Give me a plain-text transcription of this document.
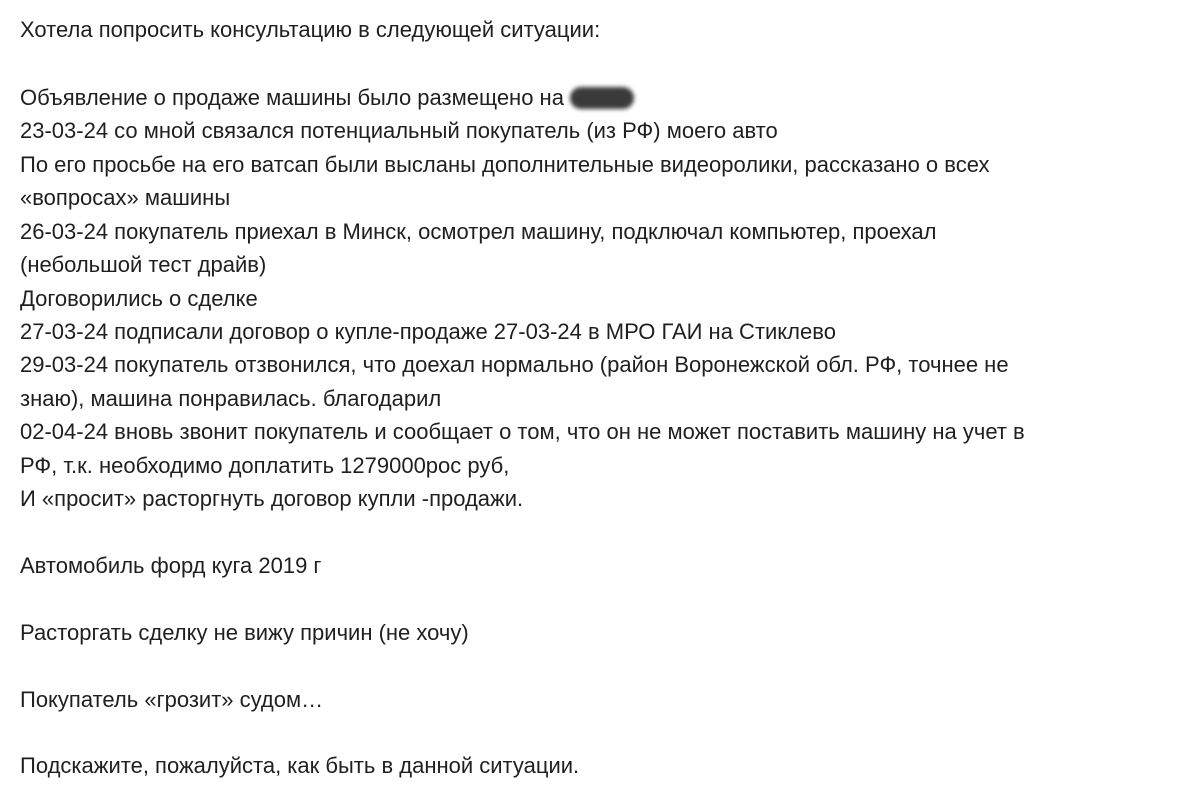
Хотела попросить консультацию в следующей ситуации:
Объявление о продаже машины было размещено на
23-03-24 со мной связался потенциальный покупатель (из РФ) моего авто
По его просьбе на его ватсап были высланы дополнительные видеоролики, рассказано о всех
«вопросах» машины
26-03-24 покупатель приехал в Минск, осмотрел машину, подключал компьютер, проехал
(небольшой тест драйв)
Договорились о сделке
27-03-24 подписали договор о купле-продаже 27-03-24 в МРО ГАИ на Стиклево
29-03-24 покупатель отзвонился, что доехал нормально (район Воронежской обл. РФ, точнее не
знаю), машина понравилась. благодарил
02-04-24 вновь звонит покупатель и сообщает о том, что он не может поставить машину на учет в
РФ, т.к. необходимо доплатить 1279000рос руб,
И «просит» расторгнуть договор купли -продажи.
Автомобиль форд куга 2019 г
Расторгать сделку не вижу причин (не хочу)
Покупатель «грозит» судом…
Подскажите, пожалуйста, как быть в данной ситуации.
